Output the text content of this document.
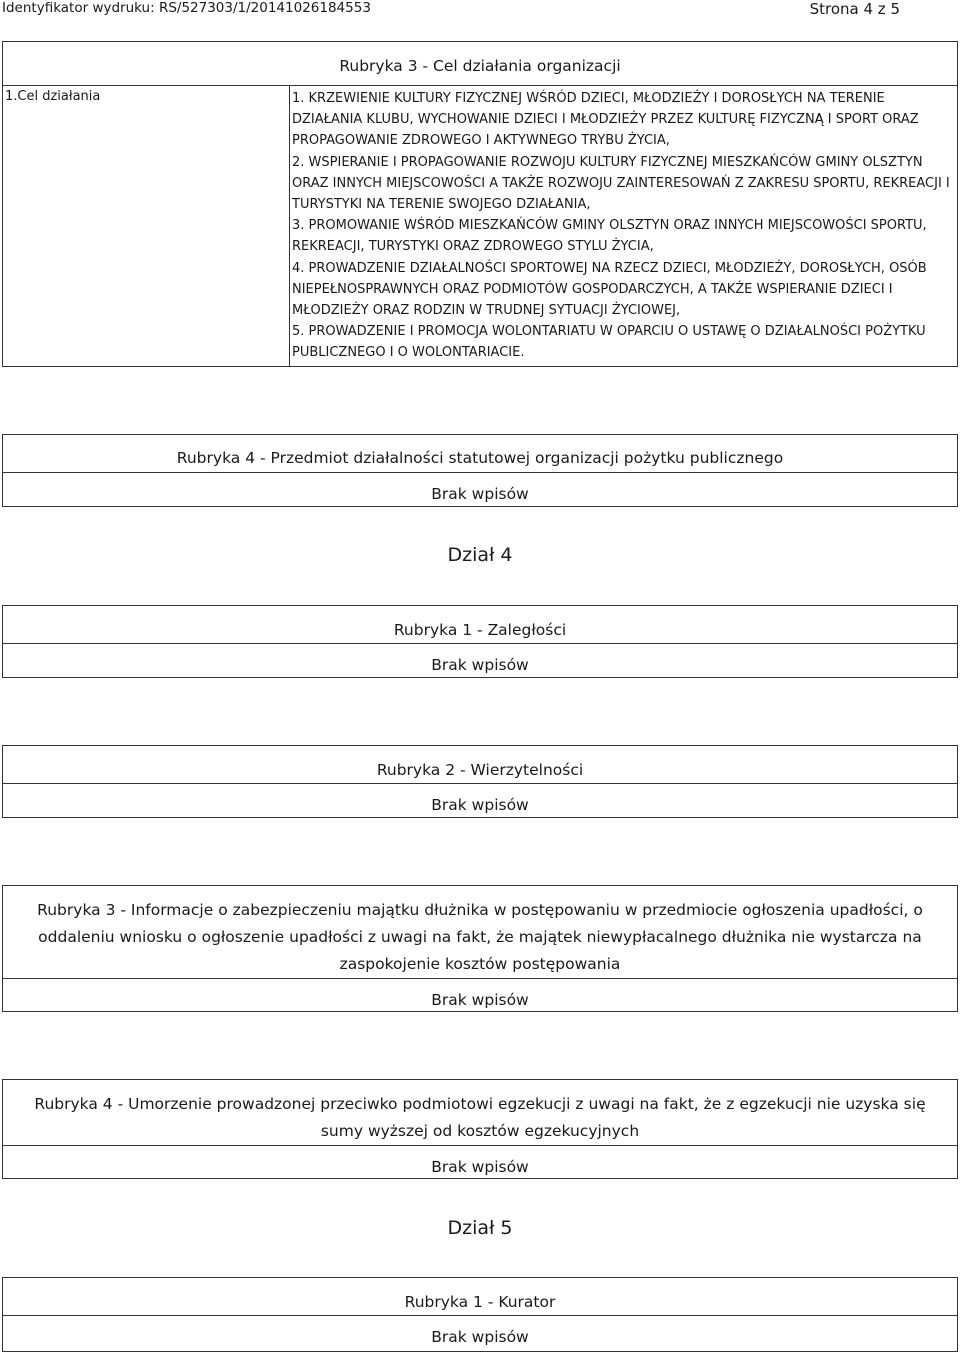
Identyfikator wydruku: RS/527303/1/20141026184553	Strona 4 z 5
Rubryka 3 - Cel działania organizacji
1.Cel działania	1. KRZEWIENIE KULTURY FIZYCZNEJ WŚRÓD DZIECI, MŁODZIEŻY I DOROSŁYCH NA TERENIE DZIAŁANIA KLUBU, WYCHOWANIE DZIECI I MŁODZIEŻY PRZEZ KULTURĘ FIZYCZNĄ I SPORT ORAZ PROPAGOWANIE ZDROWEGO I AKTYWNEGO TRYBU ŻYCIA,

2. WSPIERANIE I PROPAGOWANIE ROZWOJU KULTURY FIZYCZNEJ MIESZKAŃCÓW GMINY OLSZTYN ORAZ INNYCH MIEJSCOWOŚCI A TAKŻE ROZWOJU ZAINTERESOWAŃ Z ZAKRESU SPORTU, REKREACJI I TURYSTYKI NA TERENIE SWOJEGO DZIAŁANIA,

3. PROMOWANIE WŚRÓD MIESZKAŃCÓW GMINY OLSZTYN ORAZ INNYCH MIEJSCOWOŚCI SPORTU, REKREACJI, TURYSTYKI ORAZ ZDROWEGO STYLU ŻYCIA,

4. PROWADZENIE DZIAŁALNOŚCI SPORTOWEJ NA RZECZ DZIECI, MŁODZIEŻY, DOROSŁYCH, OSÓB NIEPEŁNOSPRAWNYCH ORAZ PODMIOTÓW GOSPODARCZYCH, A TAKŻE WSPIERANIE DZIECI I MŁODZIEŻY ORAZ RODZIN W TRUDNEJ SYTUACJI ŻYCIOWEJ,

5. PROWADZENIE I PROMOCJA WOLONTARIATU W OPARCIU O USTAWĘ O DZIAŁALNOŚCI POŻYTKU PUBLICZNEGO I O WOLONTARIACIE.

Rubryka 4 - Przedmiot działalności statutowej organizacji pożytku publicznego
Brak wpisów
Dział 4
Rubryka 1 - Zaległości
Brak wpisów
Rubryka 2 - Wierzytelności
Brak wpisów
Rubryka 3 - Informacje o zabezpieczeniu majątku dłużnika w postępowaniu w przedmiocie ogłoszenia upadłości, o oddaleniu wniosku o ogłoszenie upadłości z uwagi na fakt, że majątek niewypłacalnego dłużnika nie wystarcza na zaspokojenie kosztów postępowania
Brak wpisów
Rubryka 4 - Umorzenie prowadzonej przeciwko podmiotowi egzekucji z uwagi na fakt, że z egzekucji nie uzyska się sumy wyższej od kosztów egzekucyjnych
Brak wpisów
Dział 5
Rubryka 1 - Kurator
Brak wpisów
